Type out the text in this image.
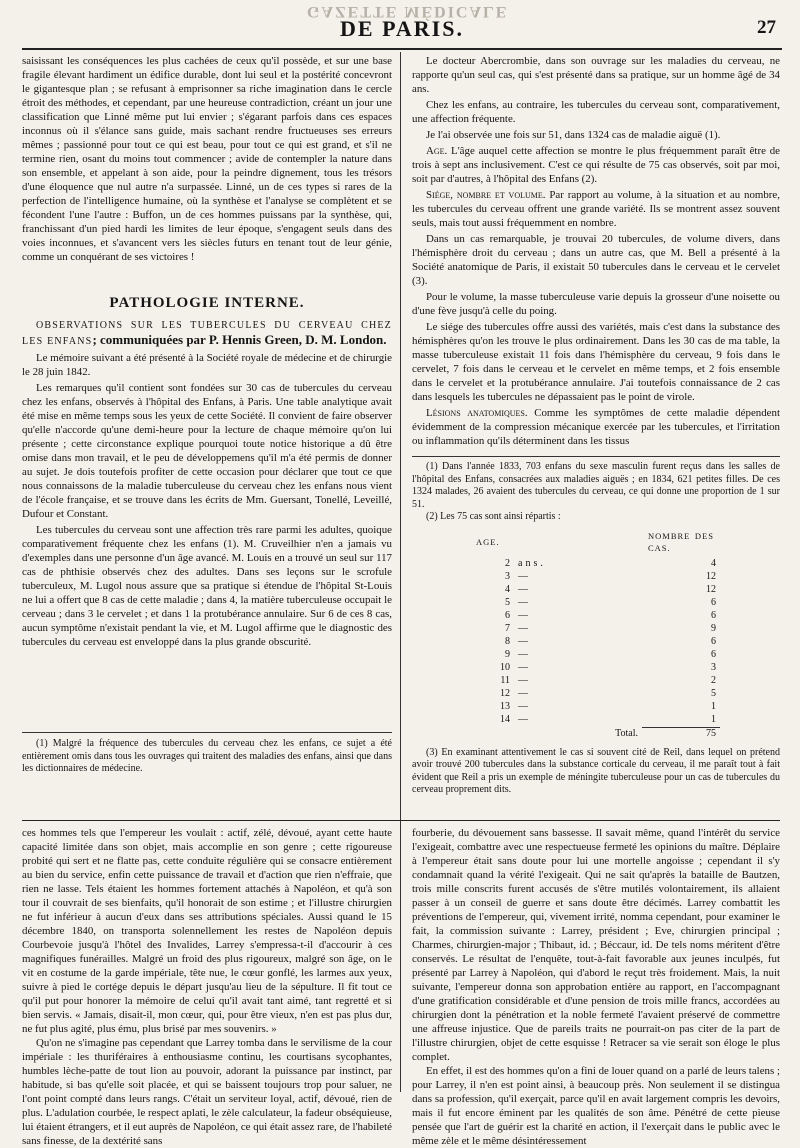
GAZETTE MÉDICALE
DE PARIS.	27

saisissant les conséquences les plus cachées de ceux qu'il possède, et sur une base fragile élevant hardiment un édifice durable, dont lui seul et la postérité concevront le gigantesque plan ; se refusant à emprisonner sa riche imagination dans le cercle étroit des méthodes, et cependant, par une heureuse contradiction, créant un jour une classification que Linné même put lui envier ; s'égarant parfois dans ces espaces inconnus où il s'élance sans guide, mais sachant rendre fructueuses ses erreurs mêmes ; passionné pour tout ce qui est beau, pour tout ce qui est grand, et s'il ne termine rien, osant du moins tout commencer ; avide de contempler la nature dans son ensemble, et appelant à son aide, pour la peindre dignement, tous les trésors d'une éloquence que nul autre n'a surpassée. Linné, un de ces types si rares de la perfection de l'intelligence humaine, où la synthèse et l'analyse se complètent et se fécondent l'une l'autre : Buffon, un de ces hommes puissans par la synthèse, qui, franchissant d'un pied hardi les limites de leur époque, s'engagent seuls dans des voies inconnues, et s'avancent vers les siècles futurs en tenant tout de leur génie, comme un conquérant de ses victoires !

PATHOLOGIE INTERNE.

OBSERVATIONS SUR LES TUBERCULES DU CERVEAU CHEZ LES ENFANS; communiquées par P. Hennis Green, D. M. London.

Le mémoire suivant a été présenté à la Société royale de médecine et de chirurgie le 28 juin 1842.

Les remarques qu'il contient sont fondées sur 30 cas de tubercules du cerveau chez les enfans, observés à l'hôpital des Enfans, à Paris. Une table analytique avait été mise en même temps sous les yeux de cette Société. Il convient de faire observer qu'elle n'accorde qu'une demi-heure pour la lecture de chaque mémoire qu'on lui présente ; cette circonstance explique pourquoi toute notice historique a dû être omise dans mon travail, et le peu de développemens qu'il m'a été permis de donner au sujet. Je dois toutefois profiter de cette occasion pour déclarer que tout ce que nous connaissons de la maladie tuberculeuse du cerveau chez les enfans nous vient de l'école française, et se trouve dans les écrits de Mm. Guersant, Tonellé, Leveillé, Dufour et Constant.

Les tubercules du cerveau sont une affection très rare parmi les adultes, quoique comparativement fréquente chez les enfans (1). M. Cruveilhier n'en a jamais vu d'exemples dans une personne d'un âge avancé. M. Louis en a trouvé un seul sur 117 cas de phthisie observés chez des adultes. Dans ses leçons sur le scrofule tuberculeux, M. Lugol nous assure que sa pratique si étendue de l'hôpital St-Louis ne lui a offert que 8 cas de cette maladie ; dans 4, la matière tuberculeuse occupait le cerveau ; dans 3 le cervelet ; et dans 1 la protubérance annulaire. Sur 6 de ces 8 cas, aucun symptôme n'existait pendant la vie, et M. Lugol affirme que le diagnostic des tubercules du cerveau est enveloppé dans la plus grande obscurité.

(1) Malgré la fréquence des tubercules du cerveau chez les enfans, ce sujet a été entièrement omis dans tous les ouvrages qui traitent des maladies des enfans, ainsi que dans les dictionnaires de médecine.

Le docteur Abercrombie, dans son ouvrage sur les maladies du cerveau, ne rapporte qu'un seul cas, qui s'est présenté dans sa pratique, sur un homme âgé de 34 ans.

Chez les enfans, au contraire, les tubercules du cerveau sont, comparativement, une affection fréquente.

Je l'ai observée une fois sur 51, dans 1324 cas de maladie aiguë (1).

Age. L'âge auquel cette affection se montre le plus fréquemment paraît être de trois à sept ans inclusivement. C'est ce qui résulte de 75 cas observés, soit par moi, soit par d'autres, à l'hôpital des Enfans (2).

Siége, nombre et volume. Par rapport au volume, à la situation et au nombre, les tubercules du cerveau offrent une grande variété. Ils se montrent assez souvent seuls, mais tout aussi fréquemment en nombre.

Dans un cas remarquable, je trouvai 20 tubercules, de volume divers, dans l'hémisphère droit du cerveau ; dans un autre cas, que M. Bell a présenté à la Société anatomique de Paris, il existait 50 tubercules dans le cerveau et le cervelet (3).

Pour le volume, la masse tuberculeuse varie depuis la grosseur d'une noisette ou d'une fève jusqu'à celle du poing.

Le siége des tubercules offre aussi des variétés, mais c'est dans la substance des hémisphères qu'on les trouve le plus ordinairement. Dans les 30 cas de ma table, la masse tuberculeuse existait 11 fois dans l'hémisphère du cerveau, 9 fois dans le cervelet, 7 fois dans le cerveau et le cervelet en même temps, et 2 fois ensemble dans le cervelet et la protubérance annulaire. J'ai toutefois connaissance de 2 cas dans lesquels les tubercules ne dépassaient pas le point de virole.

Lésions anatomiques. Comme les symptômes de cette maladie dépendent évidemment de la compression mécanique exercée par les tubercules, et l'irritation ou inflammation qu'ils déterminent dans les tissus

(1) Dans l'année 1833, 703 enfans du sexe masculin furent reçus dans les salles de l'hôpital des Enfans, consacrées aux maladies aiguës ; en 1834, 621 petites filles. De ces 1324 malades, 26 avaient des tubercules du cerveau, ce qui donne une proportion de 1 sur 51.

(2) Les 75 cas sont ainsi répartis :

AGE.		NOMBRE DES CAS.
2	ans.	4
3	—	12
4	—	12
5	—	6
6	—	6
7	—	9
8	—	6
9	—	6
10	—	3
11	—	2
12	—	5
13	—	1
14	—	1
	Total.	75

(3) En examinant attentivement le cas si souvent cité de Reil, dans lequel on prétend avoir trouvé 200 tubercules dans la substance corticale du cerveau, il me paraît tout à fait évident que Reil a pris un exemple de méningite tuberculeuse pour un cas de tubercules du cerveau proprement dits.

ces hommes tels que l'empereur les voulait : actif, zélé, dévoué, ayant cette haute capacité limitée dans son objet, mais accomplie en son genre ; cette rigoureuse probité qui sert et ne flatte pas, cette conduite régulière qui se consacre entièrement au bien du service, enfin cette puissance de travail et d'action que rien n'effraie, que rien ne lasse. Tels étaient les hommes fortement attachés à Napoléon, et qu'à son tour il couvrait de ses bienfaits, qu'il honorait de son estime ; et l'illustre chirurgien ne fut inférieur à aucun d'eux dans ses attributions spéciales. Aussi quand le 15 décembre 1840, on transporta solennellement les restes de Napoléon depuis Courbevoie jusqu'à l'hôtel des Invalides, Larrey s'empressa-t-il d'accourir à ces magnifiques funérailles. Malgré un froid des plus rigoureux, malgré son âge, on le vit en costume de la garde impériale, tête nue, le cœur gonflé, les larmes aux yeux, suivre à pied le cortége depuis le départ jusqu'au lieu de la sépulture. Il fit tout ce qu'il put pour honorer la mémoire de celui qu'il avait tant aimé, tant regretté et si bien servis. « Jamais, disait-il, mon cœur, qui, pour être vieux, n'en est pas plus dur, ne fut plus agité, plus ému, plus brisé par mes souvenirs. »

Qu'on ne s'imagine pas cependant que Larrey tomba dans le servilisme de la cour impériale : les thuriféraires à enthousiasme continu, les courtisans sycophantes, humbles lèche-patte de tout lion au pouvoir, adorant la puissance par instinct, par habitude, si bas qu'elle soit placée, et qui se baissent toujours trop pour saluer, ne l'ont point compté dans leurs rangs. C'était un serviteur loyal, actif, dévoué, rien de plus. L'adulation courbée, le respect aplati, le zèle calculateur, la fadeur obséquieuse, lui étaient étrangers, et il eut auprès de Napoléon, ce qui était assez rare, de l'habileté sans finesse, de la dextérité sans

fourberie, du dévouement sans bassesse. Il savait même, quand l'intérêt du service l'exigeait, combattre avec une respectueuse fermeté les opinions du maître. Déplaire à l'empereur était sans doute pour lui une mortelle angoisse ; cependant il s'y condamnait quand la vérité l'exigeait. Qui ne sait qu'après la bataille de Bautzen, trois mille conscrits furent accusés de s'être mutilés volontairement, ils allaient passer à un conseil de guerre et sans doute être décimés. Larrey combattit les préventions de l'empereur, qui, vivement irrité, nomma cependant, pour examiner le fait, la commission suivante : Larrey, président ; Eve, chirurgien principal ; Charmes, chirurgien-major ; Thibaut, id. ; Béccaur, id. De tels noms méritent d'être conservés. Le résultat de l'enquête, tout-à-fait favorable aux jeunes inculpés, fut présenté par Larrey à Napoléon, qui d'abord le reçut très froidement. Mais, la nuit suivante, l'empereur donna son approbation entière au rapport, en l'accompagnant d'une gratification considérable et d'une pension de trois mille francs, accordées au chirurgien dont la pénétration et la noble fermeté l'avaient préservé de commettre une affreuse injustice. Que de pareils traits ne pourrait-on pas citer de la part de l'illustre chirurgien, objet de cette esquisse ! Retracer sa vie serait son éloge le plus complet.

En effet, il est des hommes qu'on a fini de louer quand on a parlé de leurs talens ; pour Larrey, il n'en est point ainsi, à beaucoup près. Non seulement il se distingua dans sa profession, qu'il exerçait, parce qu'il en avait largement compris les devoirs, mais il fut encore éminent par les qualités de son âme. Pénétré de cette pieuse pensée que l'art de guérir est la charité en action, il l'exerçait dans le public avec le même zèle et le même désintéressement
